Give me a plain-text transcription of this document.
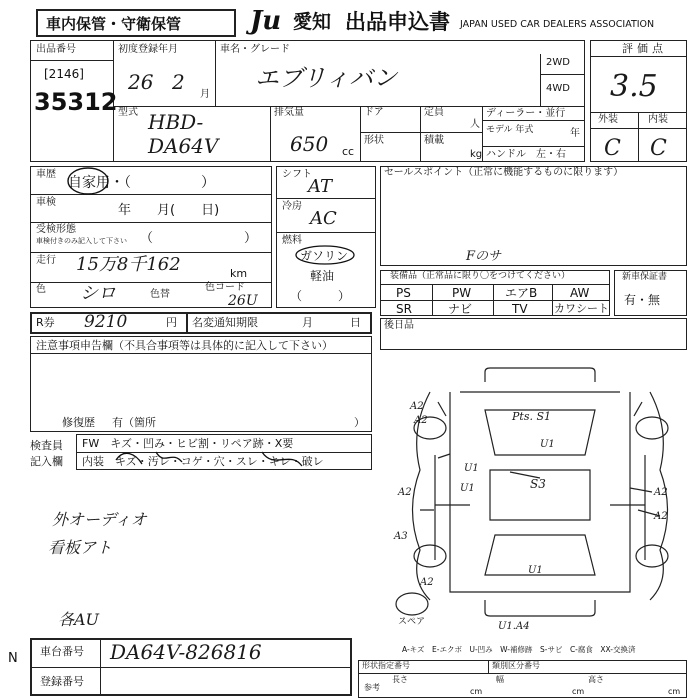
車内保管・守衛保管	Ju 愛知 出品申込書 JAPAN USED CAR DEALERS ASSOCIATION
出品番号
[2146]
35312
初度登録年月
26 2
月
車名・グレード
エブリィバン
2WD
4WD
型式 HBD-
DA64V
排気量
650 cc
ドア
形状
定員
人
積載
kg
ディーラー・並行
モデル 年式	年
ハンドル　左・右
評価点
3.5
外装	内装
C C
車歴
自家用・（　　　　　）
車検
年　　月(　　日)
受検形態
車検付きのみ記入して下さい （　　　　　　　）
走行 15万8千162	km
色 シロ	色替
色コード
26U
シフト
AT
冷房
AC
燃料
ガソリン
軽油
（　　　）
セールスポイント（正常に機能するものに限ります）
Fのサ
装備品（正常品に限り〇をつけてください）
PS	PW	エアB	AW
SR	ナビ	TV カワシート
新車保証書
有・無
後日品
R券 9210	円 名変通知期限	月	日
注意事項申告欄（不具合事項等は具体的に記入して下さい）
修復歴 有（箇所	）
検査員
記入欄
FW　キズ・凹み・ヒビ割・リペア跡・X要
内装　キズ・汚レ・コゲ・穴・スレ・キレ・破レ
外オーディオ
看板アト
各AU
Pts. S1
A2
A2	A2
A3
A2
A2
A2
U1
U1	S3
U1
U1
U1.A4
スペア
A-キズ　E-エクボ　U-凹み　W-補修跡　S-サビ　C-腐食　XX-交換済
N 車台番号 DA64V-826816
登録番号
形状指定番号	類別区分番号
参考
長さ
cm
幅
cm
高さ
cm
